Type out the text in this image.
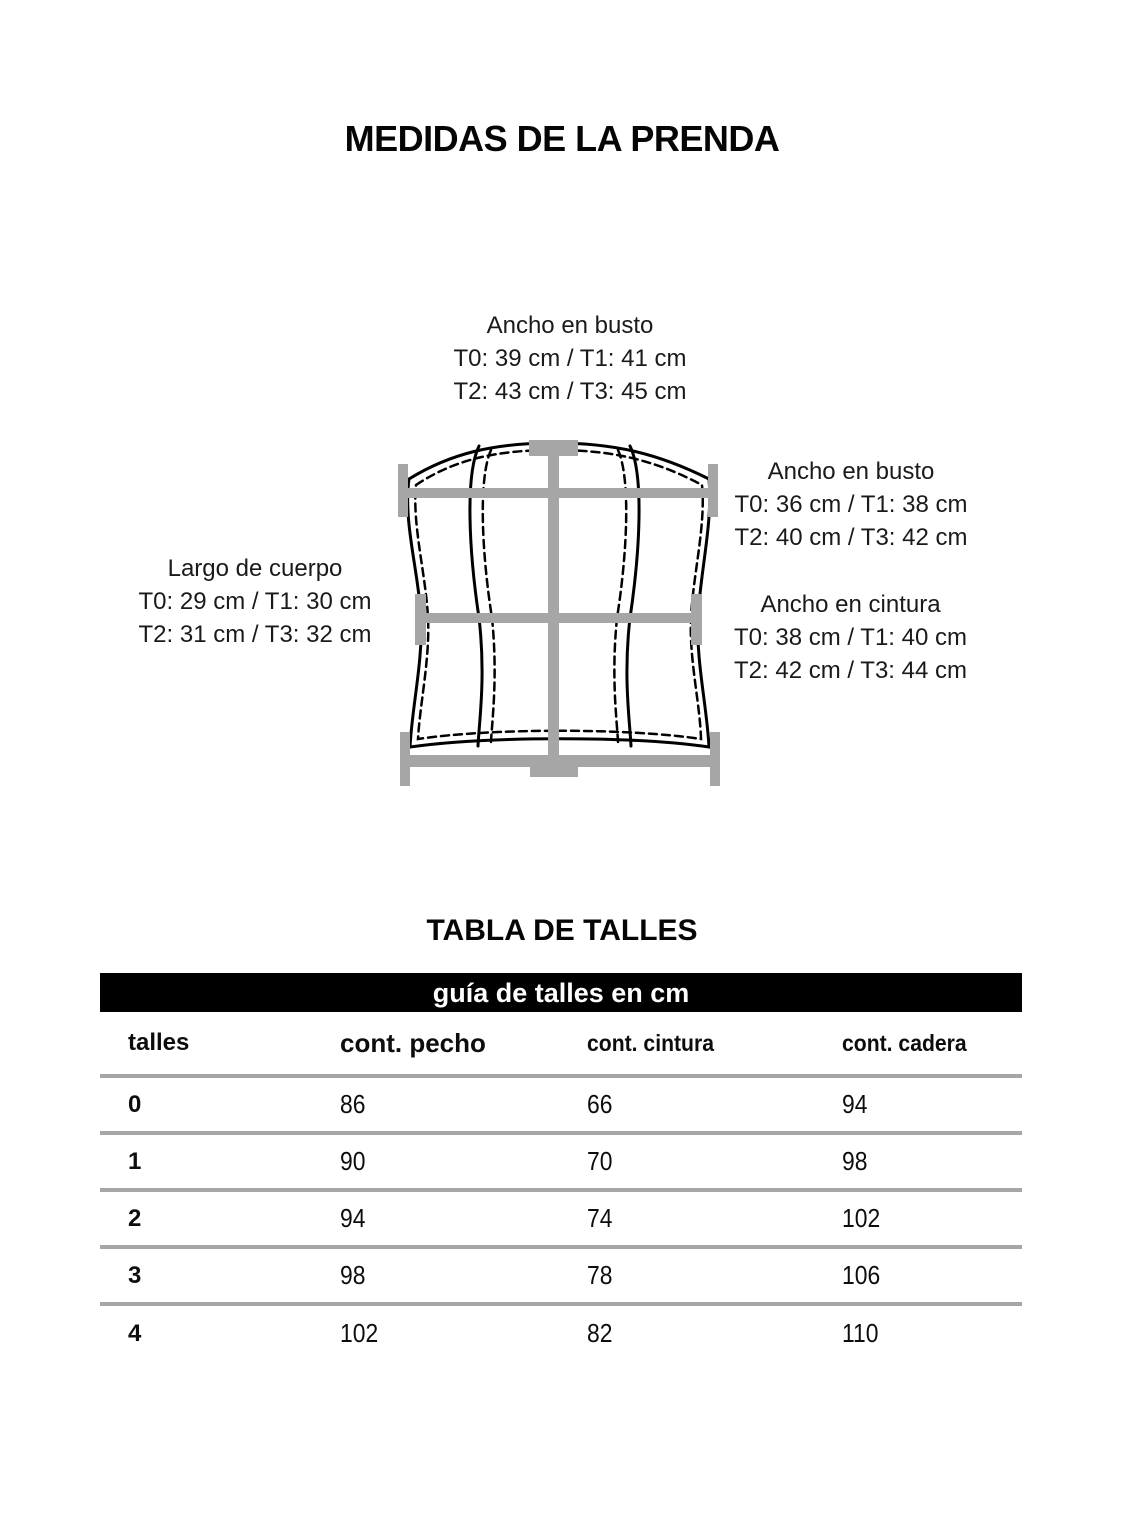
MEDIDAS DE LA PRENDA
Ancho en busto
T0: 39 cm / T1: 41 cm
T2: 43 cm / T3: 45 cm
Ancho en busto
T0: 36 cm / T1: 38 cm
T2: 40 cm / T3: 42 cm
Largo de cuerpo
T0: 29 cm / T1: 30 cm
T2: 31 cm / T3: 32 cm
Ancho en cintura
T0: 38 cm / T1: 40 cm
T2: 42 cm / T3: 44 cm
TABLA DE TALLES
guía de talles en cm
talles	cont. pecho	cont. cintura	cont. cadera
0	86	66	94
1	90	70	98
2	94	74	102
3	98	78	106
4	102	82	110
